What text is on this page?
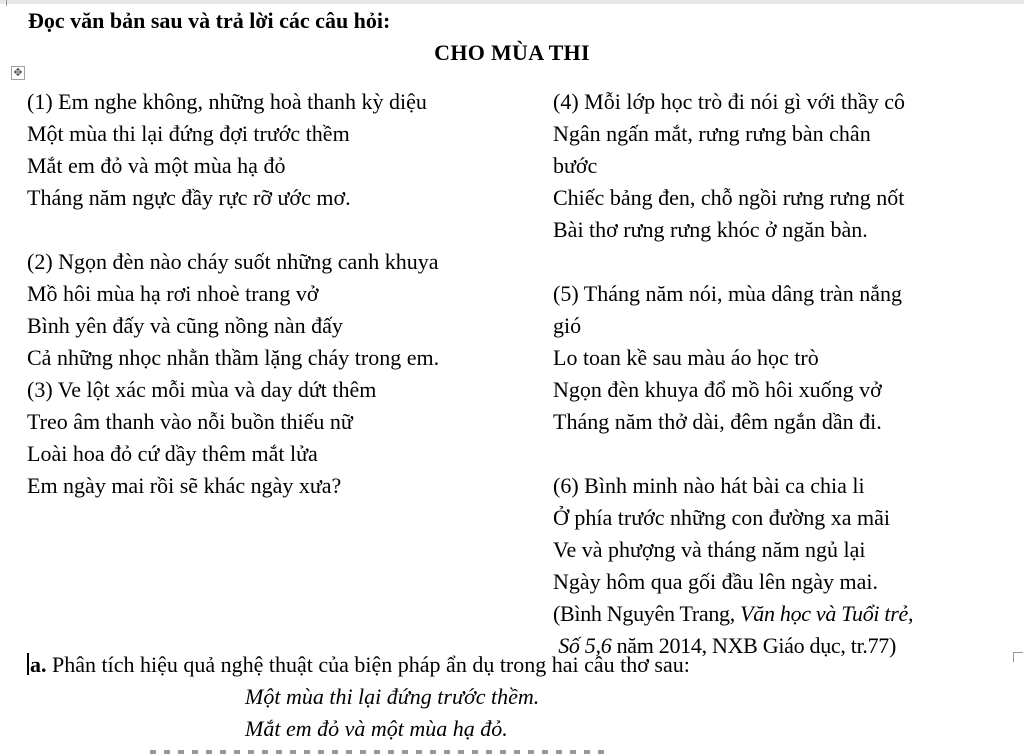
Đọc văn bản sau và trả lời các câu hỏi:
CHO MÙA THI
✥
(1) Em nghe không, những hoà thanh kỳ diệu
Một mùa thi lại đứng đợi trước thềm
Mắt em đỏ và một mùa hạ đỏ
Tháng năm ngực đầy rực rỡ ước mơ.
(2) Ngọn đèn nào cháy suốt những canh khuya
Mồ hôi mùa hạ rơi nhoè trang vở
Bình yên đấy và cũng nồng nàn đấy
Cả những nhọc nhằn thầm lặng cháy trong em.
(3) Ve lột xác mỗi mùa và day dứt thêm
Treo âm thanh vào nỗi buồn thiếu nữ
Loài hoa đỏ cứ dầy thêm mắt lửa
Em ngày mai rồi sẽ khác ngày xưa?
(4) Mỗi lớp học trò đi nói gì với thầy cô
Ngân ngấn mắt, rưng rưng bàn chân
bước
Chiếc bảng đen, chỗ ngồi rưng rưng nốt
Bài thơ rưng rưng khóc ở ngăn bàn.
(5) Tháng năm nói, mùa dâng tràn nắng
gió
Lo toan kề sau màu áo học trò
Ngọn đèn khuya đổ mồ hôi xuống vở
Tháng năm thở dài, đêm ngắn dần đi.
(6) Bình minh nào hát bài ca chia li
Ở phía trước những con đường xa mãi
Ve và phượng và tháng năm ngủ lại
Ngày hôm qua gối đầu lên ngày mai.
(Bình Nguyên Trang, Văn học và Tuổi trẻ,
Số 5,6 năm 2014, NXB Giáo dục, tr.77)
a. Phân tích hiệu quả nghệ thuật của biện pháp ẩn dụ trong hai câu thơ sau:
Một mùa thi lại đứng trước thềm.
Mắt em đỏ và một mùa hạ đỏ.
